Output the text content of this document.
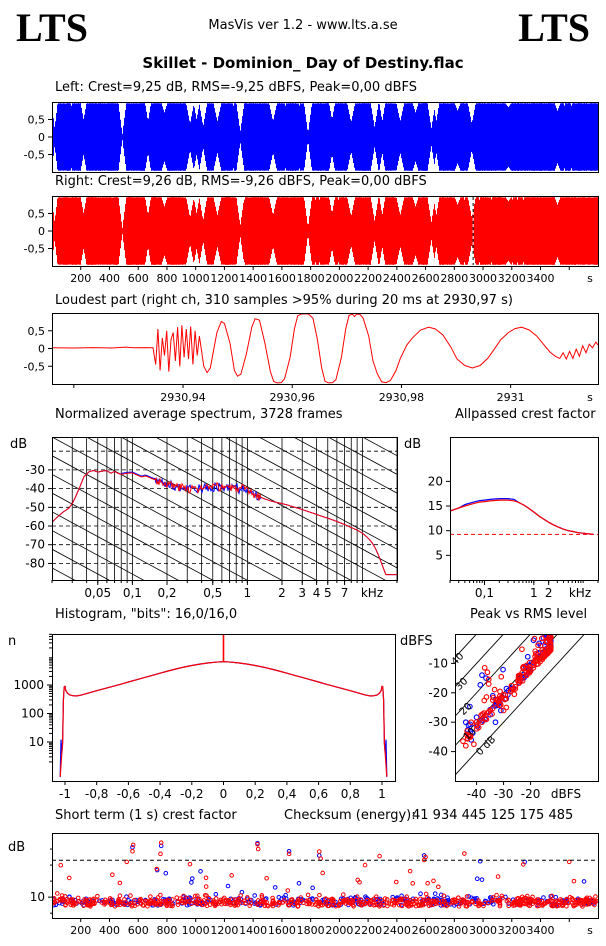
LTS	LTS
MasVis ver 1.2 - www.lts.a.se
Skillet - Dominion_ Day of Destiny.flac
Left: Crest=9,25 dB, RMS=-9,25 dBFS, Peak=0,00 dBFS
Right: Crest=9,26 dB, RMS=-9,26 dBFS, Peak=0,00 dBFS
Loudest part (right ch, 310 samples >95% during 20 ms at 2930,97 s)
Normalized average spectrum, 3728 frames
dB
Allpassed crest factor
dB
Histogram, "bits": 16,0/16,0
n
Peak vs RMS level
dBFS
Short term (1 s) crest factor	Checksum (energy):
41 934 445 125 175 485
dB
0,5
0
-0,5
0,5
0
-0,5
200 400 600 800 1000 1200 1400 1600 1800 2000 2200 2400 2600 2800 3000 3200 3400	s
0,5
0
-0,5
2930,94	2930,96	2930,98	2931	s
-30
-40
-50
-60
-70
-80
0,05 0,1 0,2 0,5 1 2 3 4 5 7 kHz
5
10
15
20
0,1	1 2 kHz
1000
100
10
-1 -0,8 -0,6 -0,4 -0,2 0 0,2 0,4 0,6 0,8 1
40
30
20
10
0 dB
-10
-20
-30
-40
-40 -30 -20 dBFS
10
200 400 600 800 1000 1200 1400 1600 1800 2000 2200 2400 2600 2800 3000 3200 3400	s
